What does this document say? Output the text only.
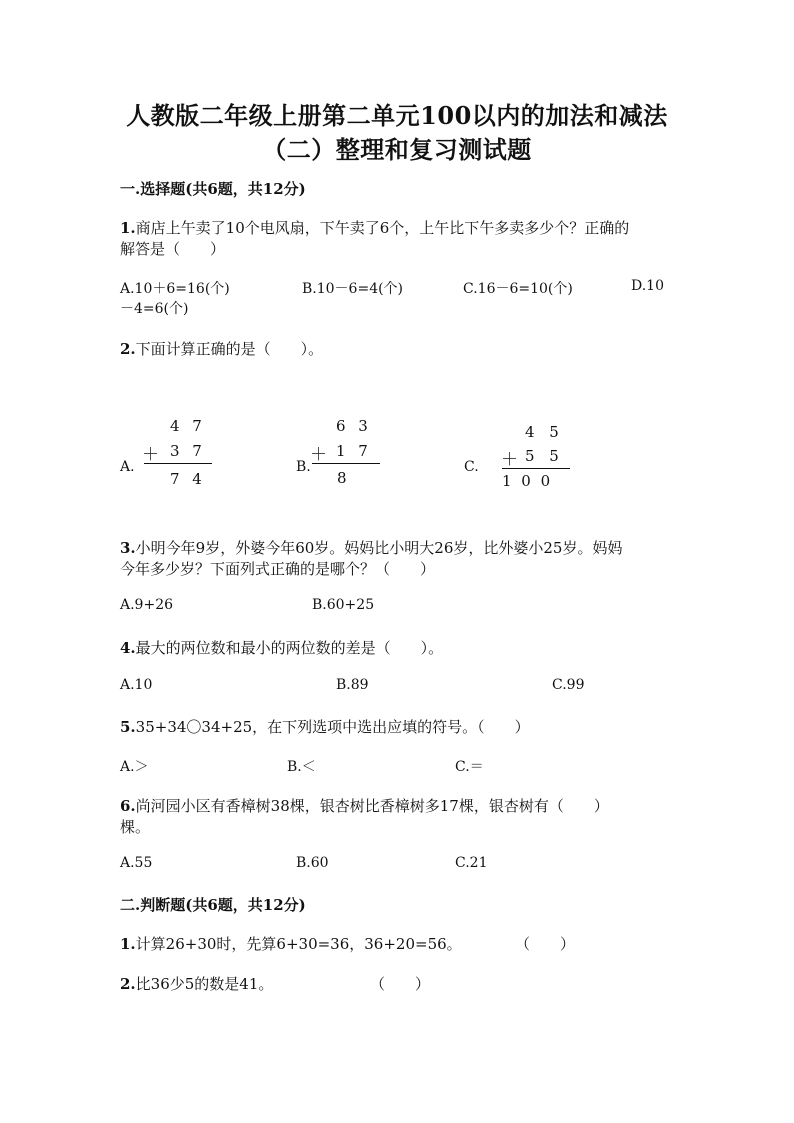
人教版二年级上册第二单元100以内的加法和减法
（二）整理和复习测试题
一.选择题(共6题，共12分)
1.商店上午卖了10个电风扇，下午卖了6个，上午比下午多卖多少个？正确的
解答是（　　）
A.10＋6=16(个)	B.10－6=4(个)	C.16－6=10(个)	D.10
－4=6(个)
2.下面计算正确的是（　　）。
A.
4 7
＋ 3 7
7 4
B.
6 3
＋ 1 7
8
C.
4 5
＋ 5 5
1 0 0
3.小明今年9岁，外婆今年60岁。妈妈比小明大26岁，比外婆小25岁。妈妈
今年多少岁？下面列式正确的是哪个？（　　）
A.9+26	B.60+25
4.最大的两位数和最小的两位数的差是（　　）。
A.10	B.89	C.99
5.35+34〇34+25，在下列选项中选出应填的符号。（　　）
A.＞	B.＜	C.＝
6.尚河园小区有香樟树38棵，银杏树比香樟树多17棵，银杏树有（　　）
棵。
A.55	B.60	C.21
二.判断题(共6题，共12分)
1.计算26+30时，先算6+30=36，36+20=56。	（　　）
2.比36少5的数是41。	（　　）
